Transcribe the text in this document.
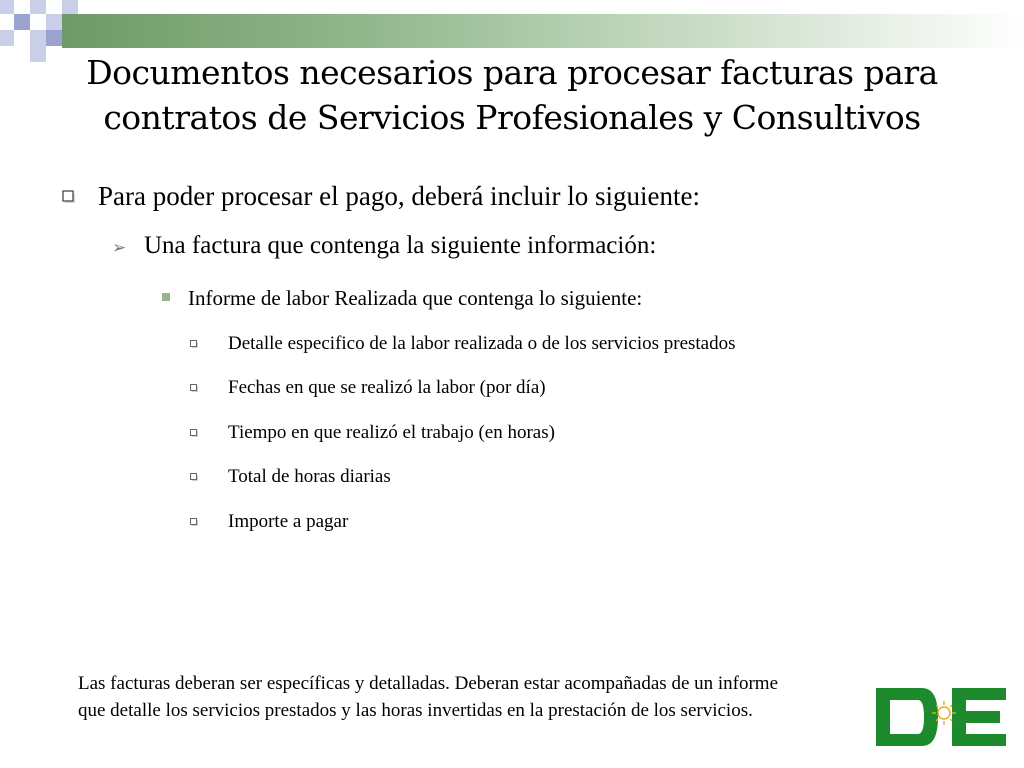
Documentos necesarios para procesar facturas para
contratos de Servicios Profesionales y Consultivos
Para poder procesar el pago, deberá incluir lo siguiente:
➢ Una factura que contenga la siguiente información:
Informe de labor Realizada que contenga lo siguiente:
Detalle especifico de la labor realizada o de los servicios prestados
Fechas en que se realizó la labor (por día)
Tiempo en que realizó el trabajo (en horas)
Total de horas diarias
Importe a pagar
Las facturas deberan ser específicas y detalladas. Deberan estar acompañadas de un informe
que detalle los servicios prestados y las horas invertidas en la prestación de los servicios.
